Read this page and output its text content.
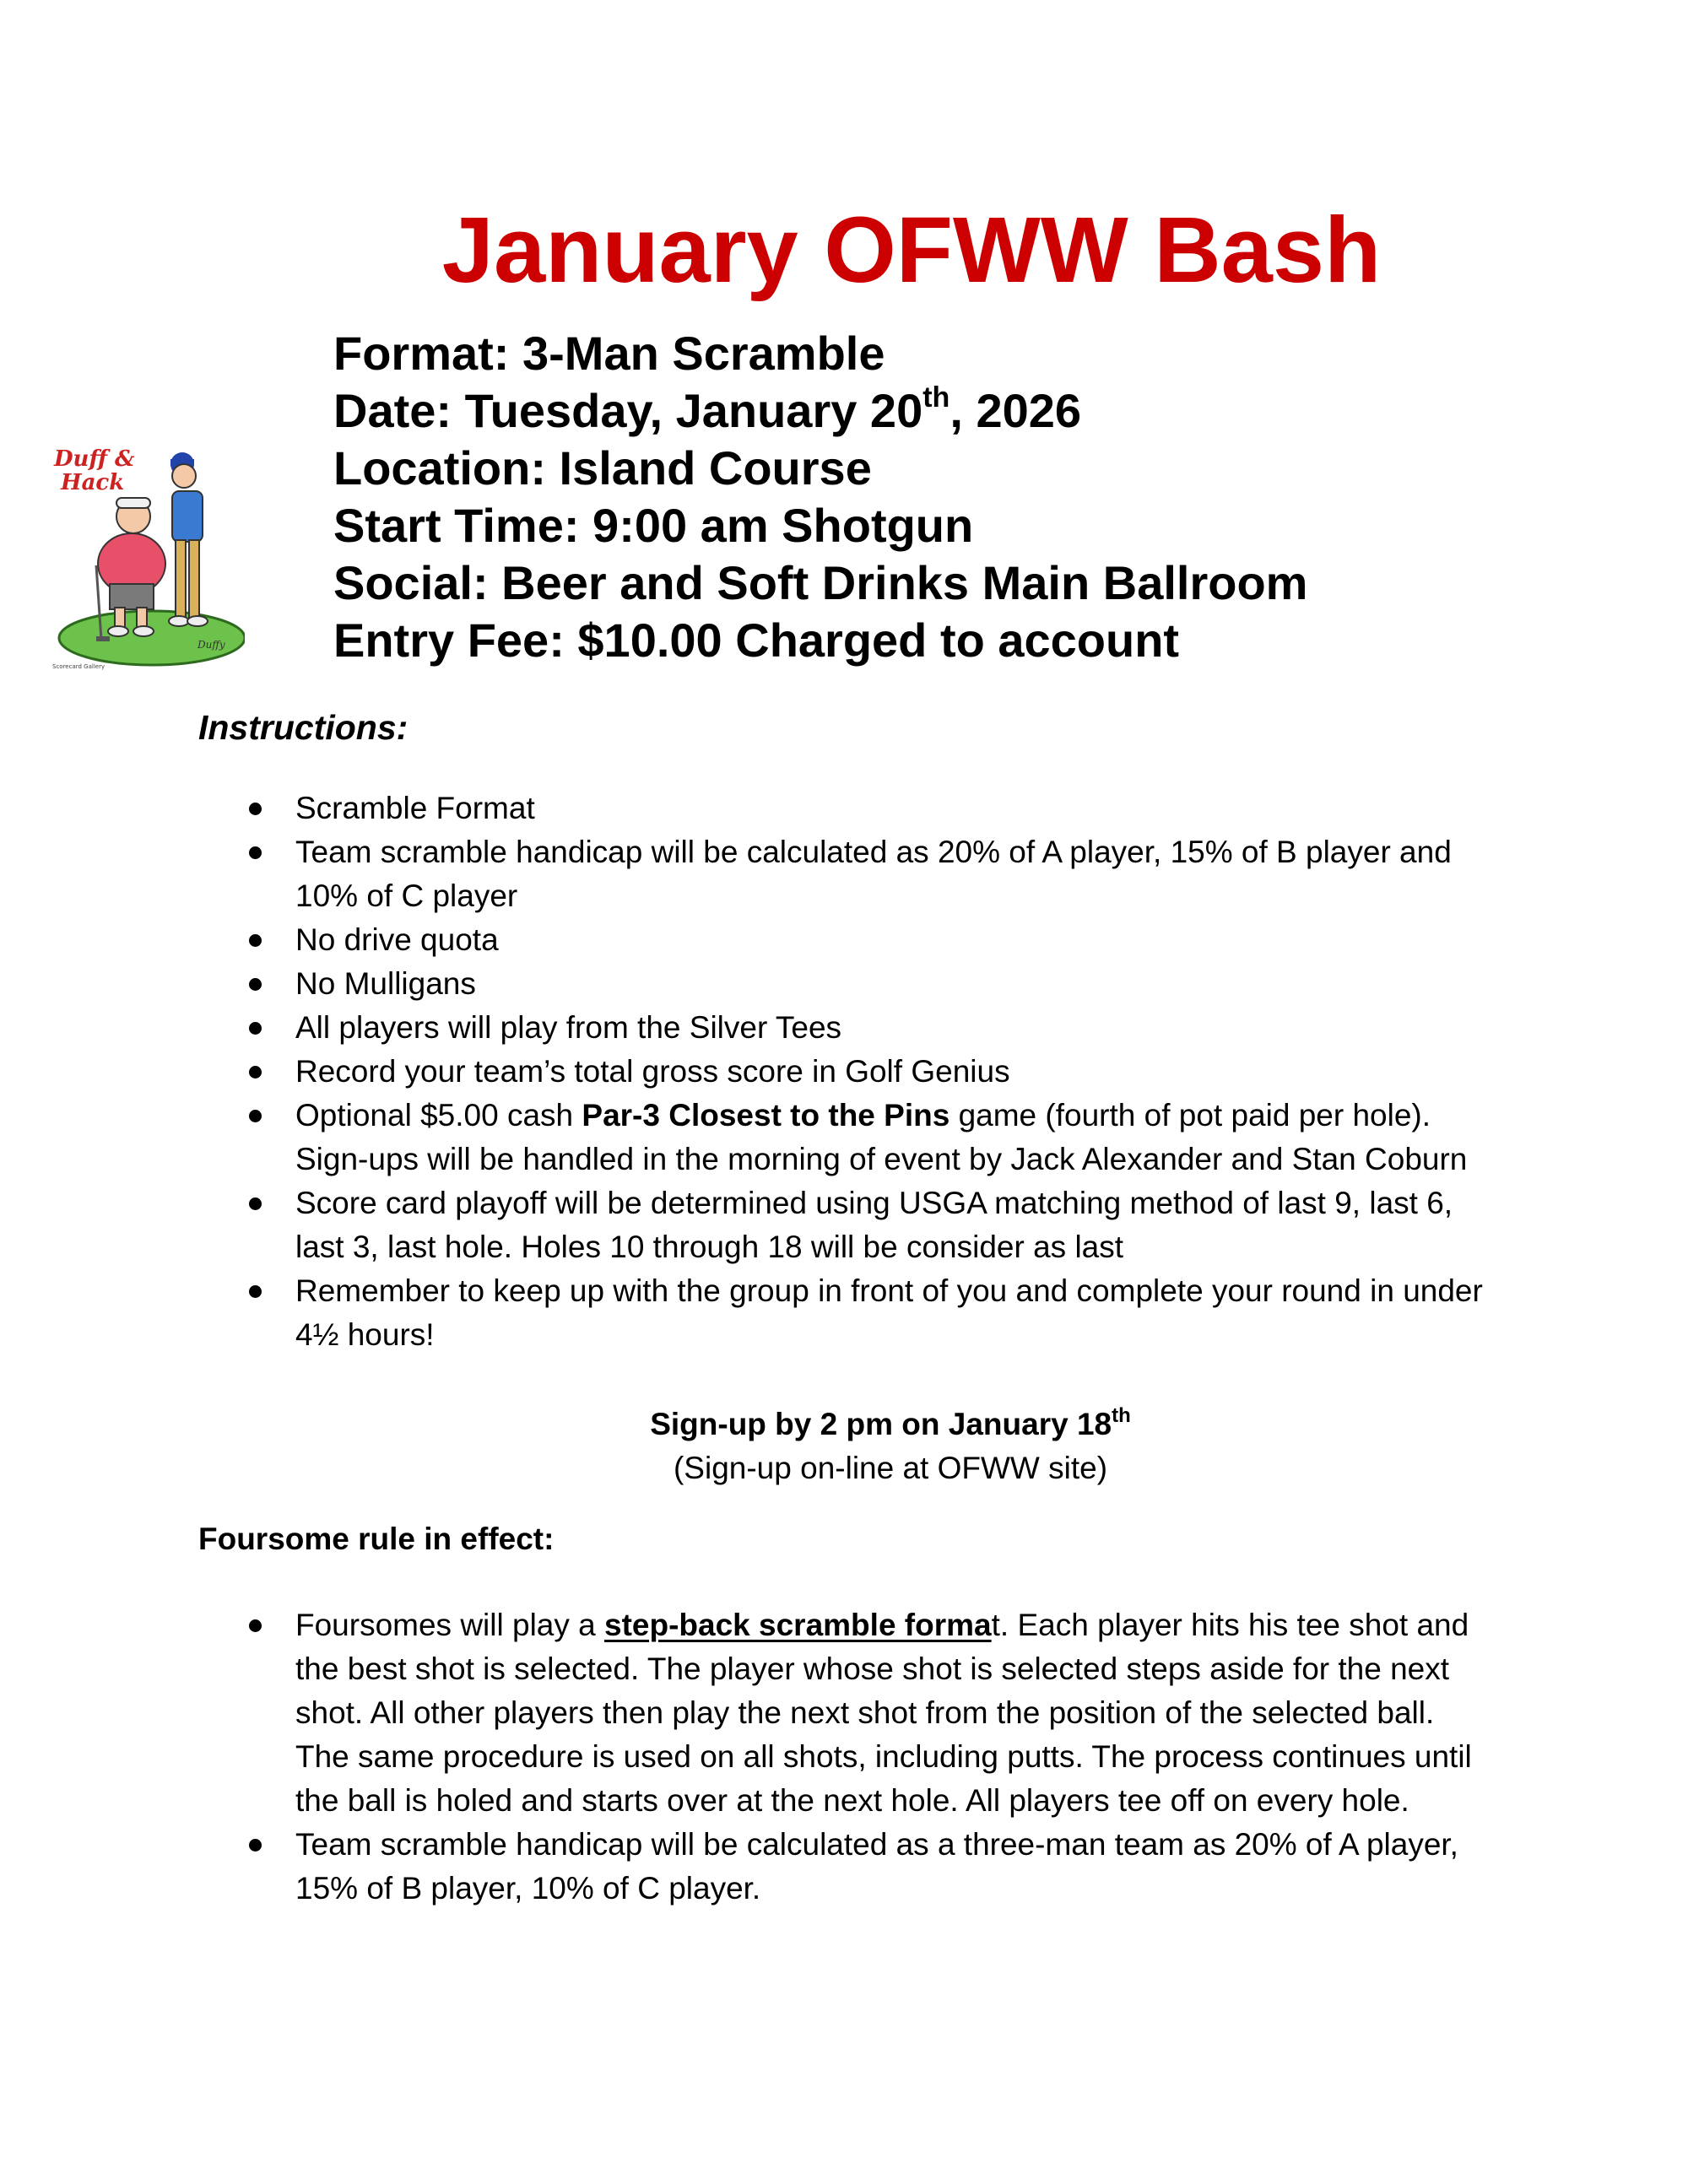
January OFWW Bash
Duff &
Hack
Duffy
Scorecard Gallery
Format: 3-Man Scramble
Date: Tuesday, January 20th, 2026
Location: Island Course
Start Time: 9:00 am Shotgun
Social: Beer and Soft Drinks Main Ballroom
Entry Fee: $10.00 Charged to account
Instructions:
Scramble Format
Team scramble handicap will be calculated as 20% of A player, 15% of B player and 10% of C player
No drive quota
No Mulligans
All players will play from the Silver Tees
Record your team’s total gross score in Golf Genius
Optional $5.00 cash Par-3 Closest to the Pins game (fourth of pot paid per hole). Sign-ups will be handled in the morning of event by Jack Alexander and Stan Coburn
Score card playoff will be determined using USGA matching method of last 9, last 6, last 3, last hole. Holes 10 through 18 will be consider as last
Remember to keep up with the group in front of you and complete your round in under 4½ hours!
Sign-up by 2 pm on January 18th
(Sign-up on-line at OFWW site)
Foursome rule in effect:
Foursomes will play a step-back scramble format. Each player hits his tee shot and the best shot is selected. The player whose shot is selected steps aside for the next shot. All other players then play the next shot from the position of the selected ball. The same procedure is used on all shots, including putts. The process continues until the ball is holed and starts over at the next hole. All players tee off on every hole.
Team scramble handicap will be calculated as a three-man team as 20% of A player, 15% of B player, 10% of C player.
